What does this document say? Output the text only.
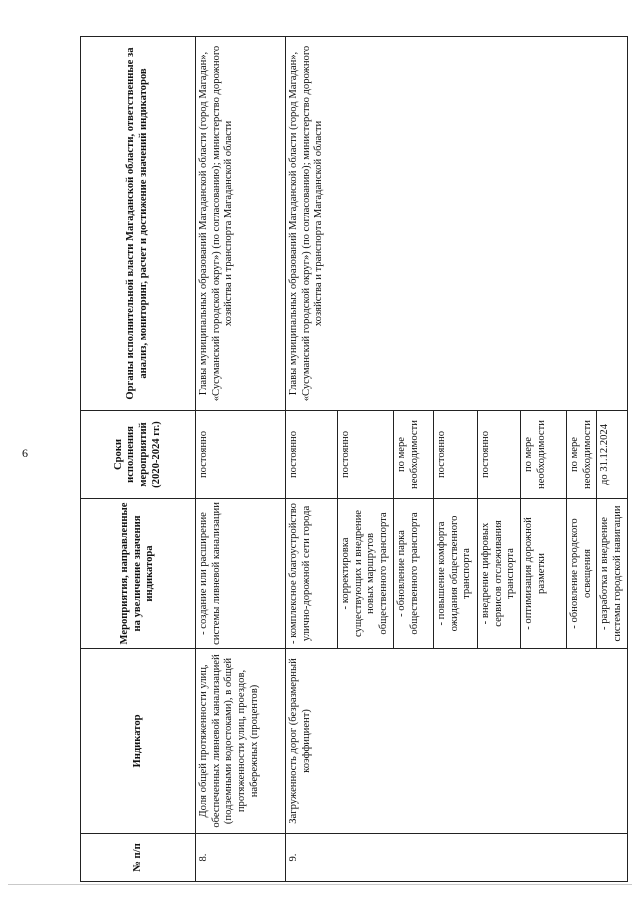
6
№ п/п	Индикатор	Мероприятия, направленные на увеличение значения индикатора	Сроки исполнения мероприятий (2020-2024 гг.)	Органы исполнительной власти Магаданской области, ответственные за анализ, мониторинг, расчет и достижение значений индикаторов
8.	Доля общей протяженности улиц, обеспеченных ливневой канализацией (подземными водостоками), в общей протяженности улиц, проездов, набережных (процентов)	- создание или расширение системы ливневой канализации	постоянно	Главы муниципальных образований Магаданской области (город Магадан», «Сусуманский городской округ») (по согласованию); министерство дорожного хозяйства и транспорта Магаданской области
9.	Загруженность дорог (безразмерный коэффициент)	- комплексное благоустройство улично-дорожной сети города	постоянно	Главы муниципальных образований Магаданской области (город Магадан», «Сусуманский городской округ») (по согласованию); министерство дорожного хозяйства и транспорта Магаданской области
		- корректировка существующих и внедрение новых маршрутов общественного транспорта	постоянно	
		- обновление парка общественного транспорта	по мере необходимости	
		- повышение комфорта ожидания общественного транспорта	постоянно	
		- внедрение цифровых сервисов отслеживания транспорта	постоянно	
		- оптимизация дорожной разметки	по мере необходимости	
		- обновление городского освещения	по мере необходимости	
		- разработка и внедрение системы городской навигации	до 31.12.2024	
